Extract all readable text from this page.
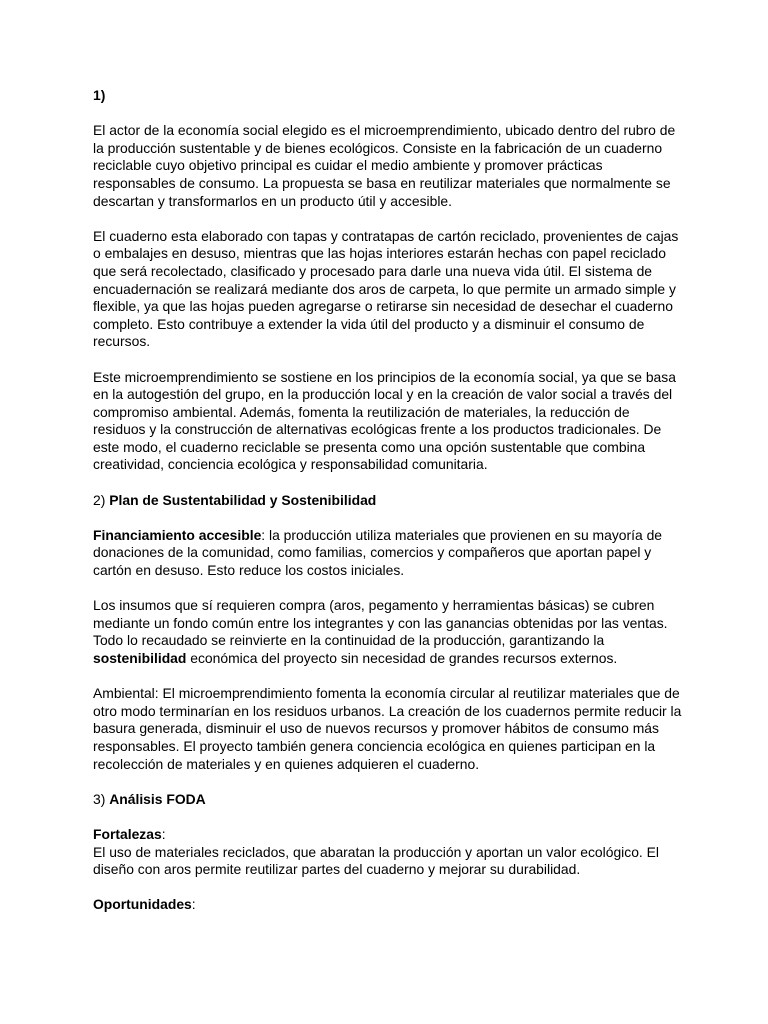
1)

El actor de la economía social elegido es el microemprendimiento, ubicado dentro del rubro de la producción sustentable y de bienes ecológicos. Consiste en la fabricación de un cuaderno reciclable cuyo objetivo principal es cuidar el medio ambiente y promover prácticas responsables de consumo. La propuesta se basa en reutilizar materiales que normalmente se descartan y transformarlos en un producto útil y accesible.

El cuaderno esta elaborado con tapas y contratapas de cartón reciclado, provenientes de cajas o embalajes en desuso, mientras que las hojas interiores estarán hechas con papel reciclado que será recolectado, clasificado y procesado para darle una nueva vida útil. El sistema de encuadernación se realizará mediante dos aros de carpeta, lo que permite un armado simple y flexible, ya que las hojas pueden agregarse o retirarse sin necesidad de desechar el cuaderno completo. Esto contribuye a extender la vida útil del producto y a disminuir el consumo de recursos.

Este microemprendimiento se sostiene en los principios de la economía social, ya que se basa en la autogestión del grupo, en la producción local y en la creación de valor social a través del compromiso ambiental. Además, fomenta la reutilización de materiales, la reducción de residuos y la construcción de alternativas ecológicas frente a los productos tradicionales. De este modo, el cuaderno reciclable se presenta como una opción sustentable que combina creatividad, conciencia ecológica y responsabilidad comunitaria.

2) Plan de Sustentabilidad y Sostenibilidad

Financiamiento accesible: la producción utiliza materiales que provienen en su mayoría de donaciones de la comunidad, como familias, comercios y compañeros que aportan papel y cartón en desuso. Esto reduce los costos iniciales.

Los insumos que sí requieren compra (aros, pegamento y herramientas básicas) se cubren mediante un fondo común entre los integrantes y con las ganancias obtenidas por las ventas. Todo lo recaudado se reinvierte en la continuidad de la producción, garantizando la sostenibilidad económica del proyecto sin necesidad de grandes recursos externos.

Ambiental: El microemprendimiento fomenta la economía circular al reutilizar materiales que de otro modo terminarían en los residuos urbanos. La creación de los cuadernos permite reducir la basura generada, disminuir el uso de nuevos recursos y promover hábitos de consumo más responsables. El proyecto también genera conciencia ecológica en quienes participan en la recolección de materiales y en quienes adquieren el cuaderno.

3) Análisis FODA

Fortalezas:
El uso de materiales reciclados, que abaratan la producción y aportan un valor ecológico. El diseño con aros permite reutilizar partes del cuaderno y mejorar su durabilidad.

Oportunidades:
